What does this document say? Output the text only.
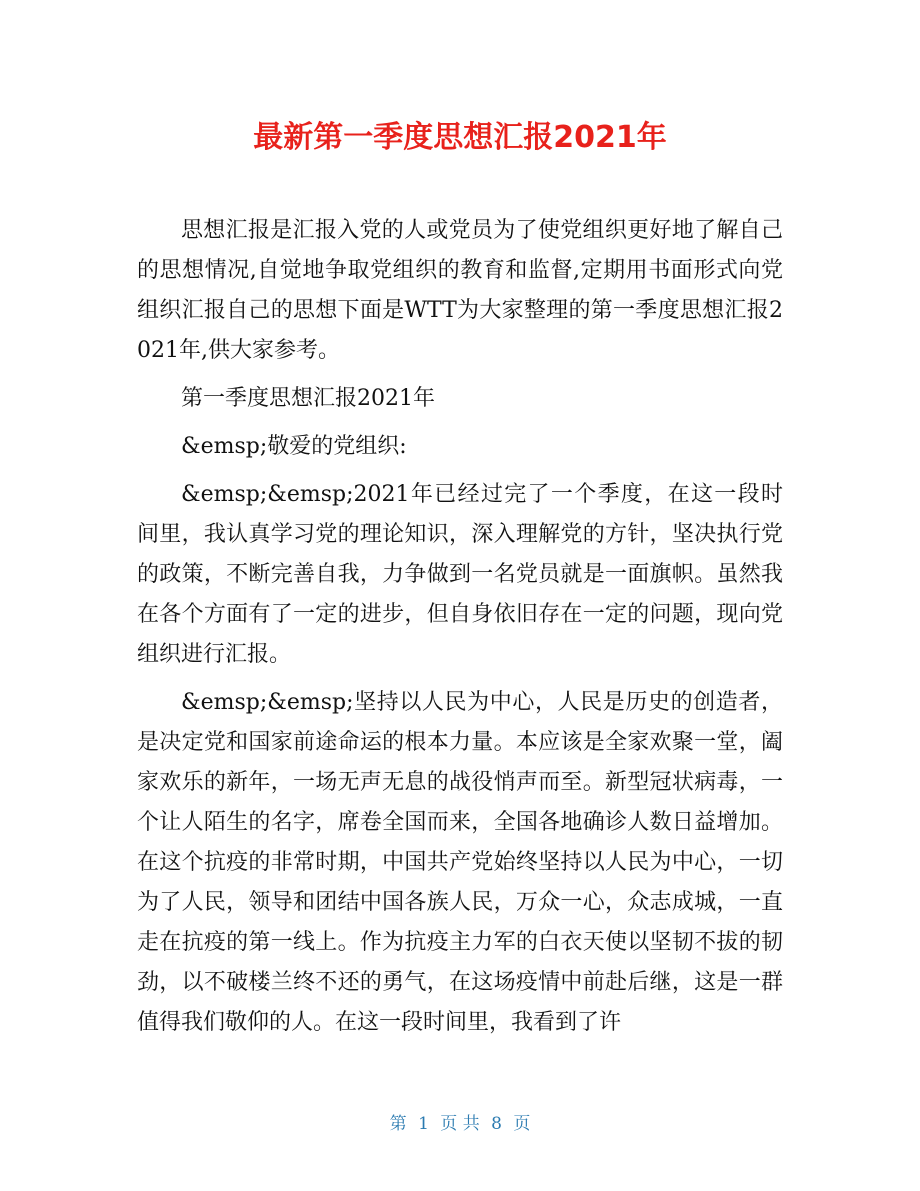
最新第一季度思想汇报2021年

思想汇报是汇报入党的人或党员为了使党组织更好地了解自己的思想情况,自觉地争取党组织的教育和监督,定期用书面形式向党组织汇报自己的思想下面是WTT为大家整理的第一季度思想汇报2021年,供大家参考。

第一季度思想汇报2021年

&emsp;敬爱的党组织:

&emsp;&emsp;2021年已经过完了一个季度，在这一段时间里，我认真学习党的理论知识，深入理解党的方针，坚决执行党的政策，不断完善自我，力争做到一名党员就是一面旗帜。虽然我在各个方面有了一定的进步，但自身依旧存在一定的问题，现向党组织进行汇报。

&emsp;&emsp;坚持以人民为中心，人民是历史的创造者，是决定党和国家前途命运的根本力量。本应该是全家欢聚一堂，阖家欢乐的新年，一场无声无息的战役悄声而至。新型冠状病毒，一个让人陌生的名字，席卷全国而来，全国各地确诊人数日益增加。在这个抗疫的非常时期，中国共产党始终坚持以人民为中心，一切为了人民，领导和团结中国各族人民，万众一心，众志成城，一直走在抗疫的第一线上。作为抗疫主力军的白衣天使以坚韧不拔的韧劲，以不破楼兰终不还的勇气，在这场疫情中前赴后继，这是一群值得我们敬仰的人。在这一段时间里，我看到了许

第 1 页 共 8 页
